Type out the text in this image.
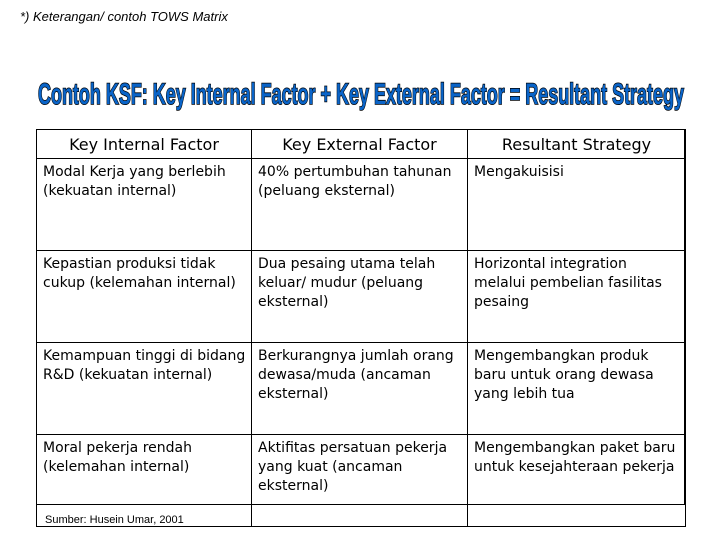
*) Keterangan/ contoh TOWS Matrix
Contoh KSF: Key Internal Factor + Key External Factor = Resultant Strategy
Key Internal Factor	Key External Factor	Resultant Strategy
Modal Kerja yang berlebih (kekuatan internal)	40% pertumbuhan tahunan (peluang eksternal)	Mengakuisisi
Kepastian produksi tidak cukup (kelemahan internal)	Dua pesaing utama telah keluar/ mudur (peluang eksternal)	Horizontal integration melalui pembelian fasilitas pesaing
Kemampuan tinggi di bidang R&D (kekuatan internal)	Berkurangnya jumlah orang dewasa/muda (ancaman eksternal)	Mengembangkan produk baru untuk orang dewasa yang lebih tua
Moral pekerja rendah (kelemahan internal)	Aktifitas persatuan pekerja yang kuat (ancaman eksternal)	Mengembangkan paket baru untuk kesejahteraan pekerja
Sumber: Husein Umar, 2001
